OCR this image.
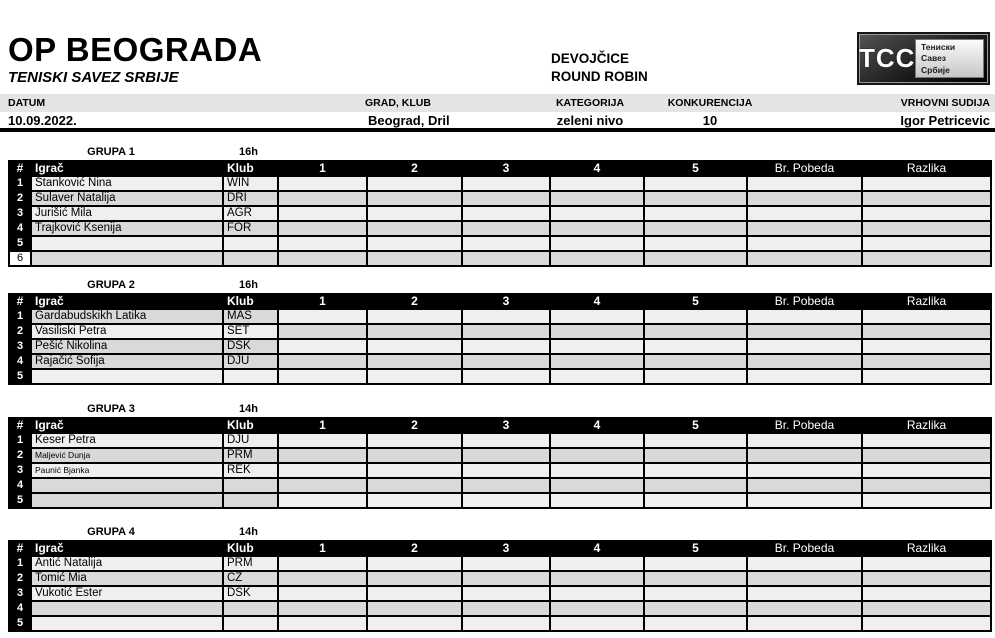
OP BEOGRADA
TENISKI SAVEZ SRBIJE
DEVOJČICE
ROUND ROBIN
ТСС Тениски
Савез
Србије
DATUM	GRAD, KLUB	KATEGORIJA	KONKURENCIJA	VRHOVNI SUDIJA
10.09.2022.	Beograd, Dril	zeleni nivo	10	Igor Petricevic
GRUPA 1	16h
#	Igrač	Klub	1	2	3	4	5	Br. Pobeda	Razlika
1	Stanković Nina	WIN							
2	Sulaver Natalija	DRI							
3	Jurišić Mila	AGR							
4	Trajković Ksenija	FOR							
5									
6									
GRUPA 2	16h
#	Igrač	Klub	1	2	3	4	5	Br. Pobeda	Razlika
1	Gardabudskikh Latika	MAS							
2	Vasiliski Petra	SET							
3	Pešić Nikolina	DSK							
4	Rajačić Sofija	DJU							
5									
GRUPA 3	14h
#	Igrač	Klub	1	2	3	4	5	Br. Pobeda	Razlika
1	Keser Petra	DJU							
2	Maljević Dunja	PRM							
3	Paunić Bjanka	REK							
4									
5									
GRUPA 4	14h
#	Igrač	Klub	1	2	3	4	5	Br. Pobeda	Razlika
1	Antić Natalija	PRM							
2	Tomić Mia	CZ							
3	Vukotić Ester	DSK							
4									
5									
